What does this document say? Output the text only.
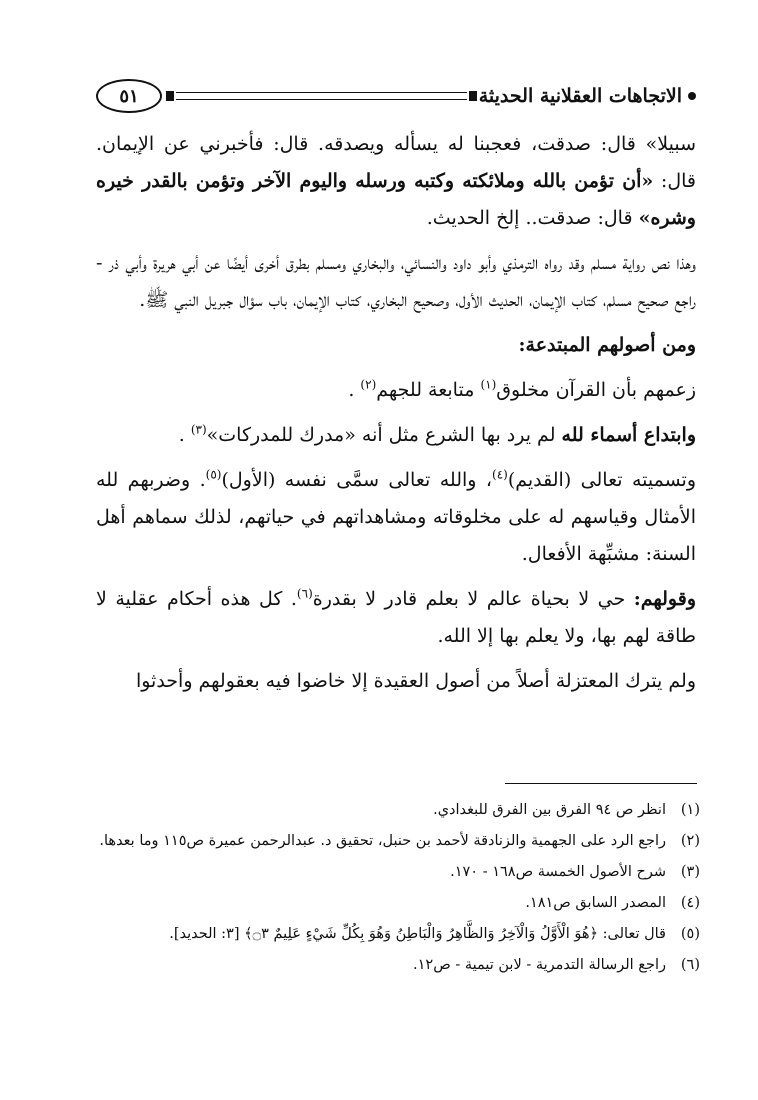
الاتجاهات العقلانية الحديثة
٥١

سبيلا» قال: صدقت، فعجبنا له يسأله ويصدقه. قال: فأخبرني عن الإيمان. قال: «أن تؤمن بالله وملائكته وكتبه ورسله واليوم الآخر وتؤمن بالقدر خيره وشره» قال: صدقت.. إلخ الحديث.

وهذا نص رواية مسلم وقد رواه الترمذي وأبو داود والنسائي، والبخاري ومسلم بطرق أخرى أيضًا عن أبي هريرة وأبي ذر - راجع صحيح مسلم، كتاب الإيمان، الحديث الأول، وصحيح البخاري، كتاب الإيمان، باب سؤال جبريل النبي ﷺ.

ومن أصولهم المبتدعة:

زعمهم بأن القرآن مخلوق$^{(١)}$ متابعة للجهم$^{(٢)}$ .

وابتداع أسماء لله لم يرد بها الشرع مثل أنه «مدرك للمدركات»$^{(٣)}$ .

وتسميته تعالى (القديم)$^{(٤)}$، والله تعالى سمَّى نفسه (الأول)$^{(٥)}$. وضربهم لله الأمثال وقياسهم له على مخلوقاته ومشاهداتهم في حياتهم، لذلك سماهم أهل السنة: مشبِّهة الأفعال.

وقولهم: حي لا بحياة عالم لا بعلم قادر لا بقدرة$^{(٦)}$. كل هذه أحكام عقلية لا طاقة لهم بها، ولا يعلم بها إلا الله.

ولم يترك المعتزلة أصلاً من أصول العقيدة إلا خاضوا فيه بعقولهم وأحدثوا

(١)
انظر ص ٩٤ الفرق بين الفرق للبغدادي.
(٢)
راجع الرد على الجهمية والزنادقة لأحمد بن حنبل، تحقيق د. عبدالرحمن عميرة ص١١٥ وما بعدها.
(٣)
شرح الأصول الخمسة ص١٦٨ - ١٧٠.
(٤)
المصدر السابق ص١٨١.
(٥)
قال تعالى: ﴿هُوَ الْأَوَّلُ وَالْآخِرُ وَالظَّاهِرُ وَالْبَاطِنُ وَهُوَ بِكُلِّ شَيْءٍ عَلِيمٌ ۝٣﴾ [٣: الحديد].
(٦)
راجع الرسالة التدمرية - لابن تيمية - ص١٢.
